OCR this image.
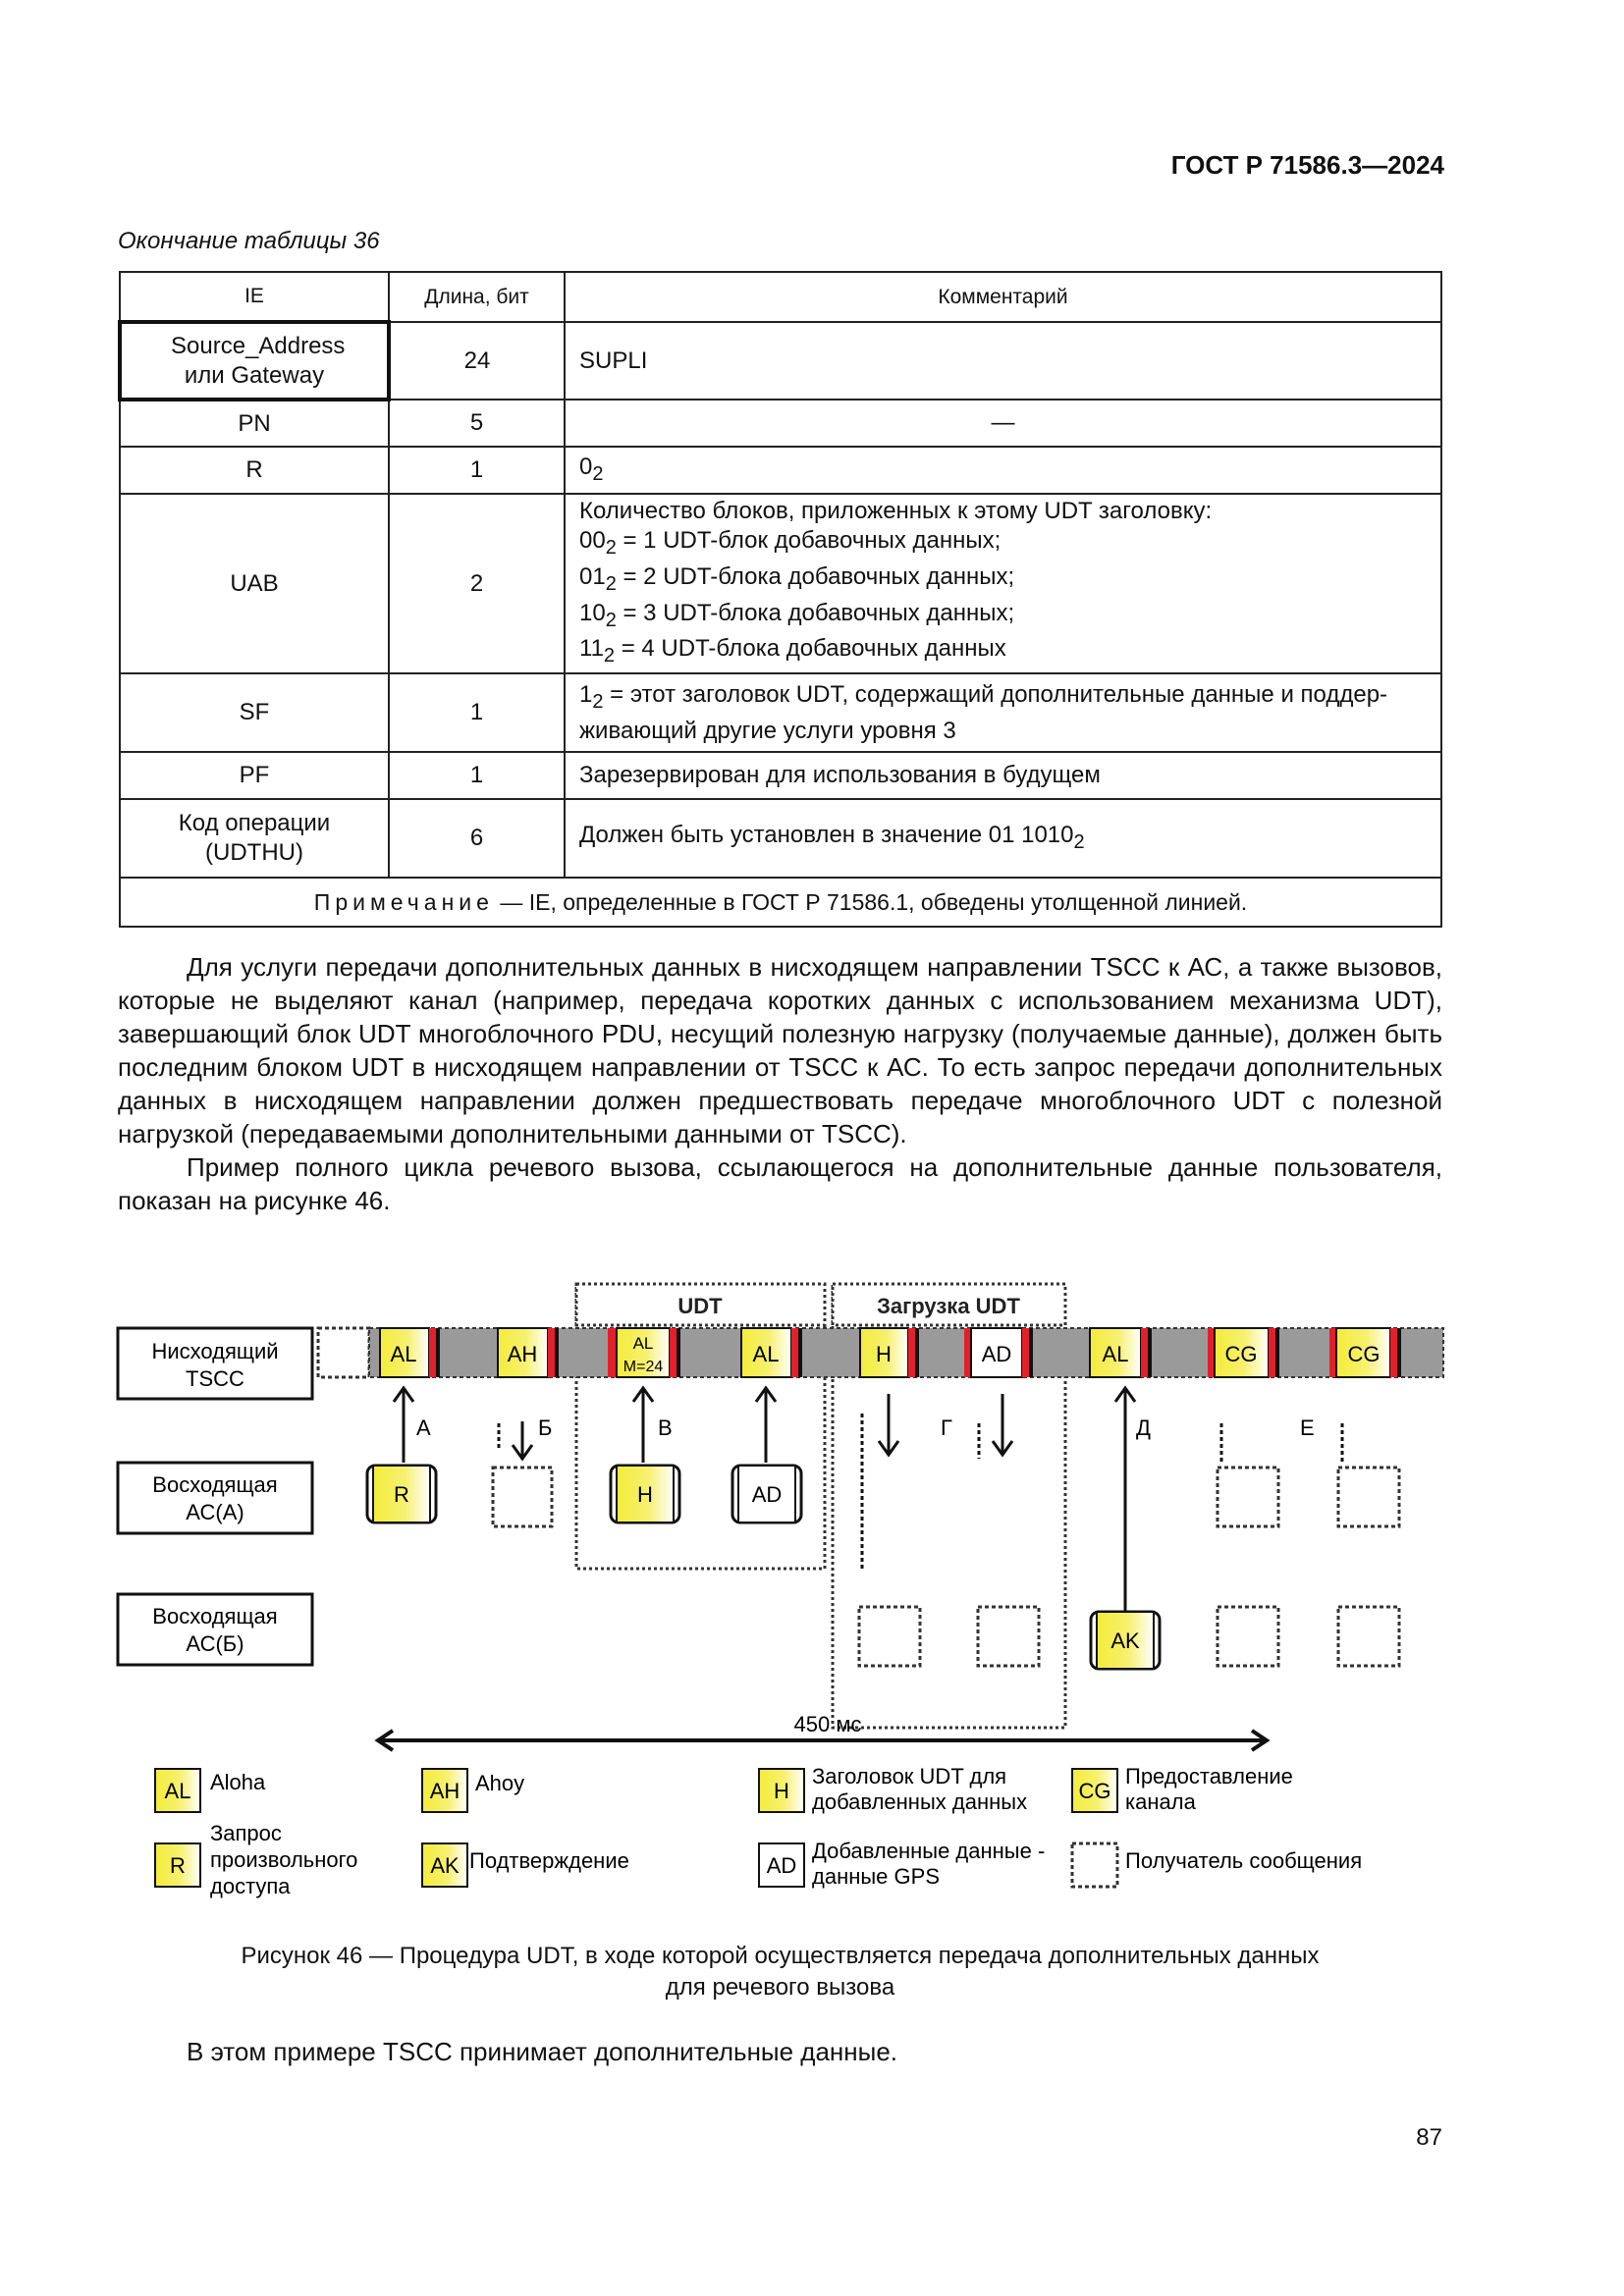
ГОСТ Р 71586.3—2024
Окончание таблицы 36
IE	Длина, бит	Комментарий

Source_Address или Gateway	24	SUPLI
PN	5	—
R	1	$0_2$
UAB	2	Количество блоков, приложенных к этому UDT заголовку:
$00_2 = 1$ UDT-блок добавочных данных;
$01_2 = 2$ UDT-блока добавочных данных;
$10_2 = 3$ UDT-блока добавочных данных;
$11_2 = 4$ UDT-блока добавочных данных

SF	1	$1_2$ = этот заголовок UDT, содержащий дополнительные данные и поддер-живающий другие услуги уровня 3
PF	1	Зарезервирован для использования в будущем

Код операции (UDTHU)	6	Должен быть установлен в значение 01 $1010_2$
Примечание — IE, определенные в ГОСТ Р 71586.1, обведены утолщенной линией.		

Для услуги передачи дополнительных данных в нисходящем направлении TSCC к АС, а также вызовов, которые не выделяют канал (например, передача коротких данных с использованием механизма UDT), завершающий блок UDT многоблочного PDU, несущий полезную нагрузку (получаемые данные), должен быть последним блоком UDT в нисходящем направлении от TSCC к АС. То есть запрос передачи дополнительных данных в нисходящем направлении должен предшествовать передаче многоблочного UDT с полезной нагрузкой (передаваемыми дополнительными данными от TSCC).

Пример полного цикла речевого вызова, ссылающегося на дополнительные данные пользователя, показан на рисунке 46.

Нисходящий
TSCC
Восходящая
АС(А)
Восходящая
АС(Б)
UDT	Загрузка UDT
AL	AH	AL
M=24
AL	H	AD	AL	CG	CG
А	Б	В	Г	Д	Е
R	H	AD
AK
450 мс
AL Aloha	AH Ahoy	H
Заголовок UDT для
добавленных данных CG
Предоставление
канала
R
Запрос
произвольного
доступа
AK Подтверждение	AD
Добавленные данные -
данные GPS
Получатель сообщения
Рисунок 46 — Процедура UDT, в ходе которой осуществляется передача дополнительных данных
для речевого вызова
В этом примере TSCC принимает дополнительные данные.
87
